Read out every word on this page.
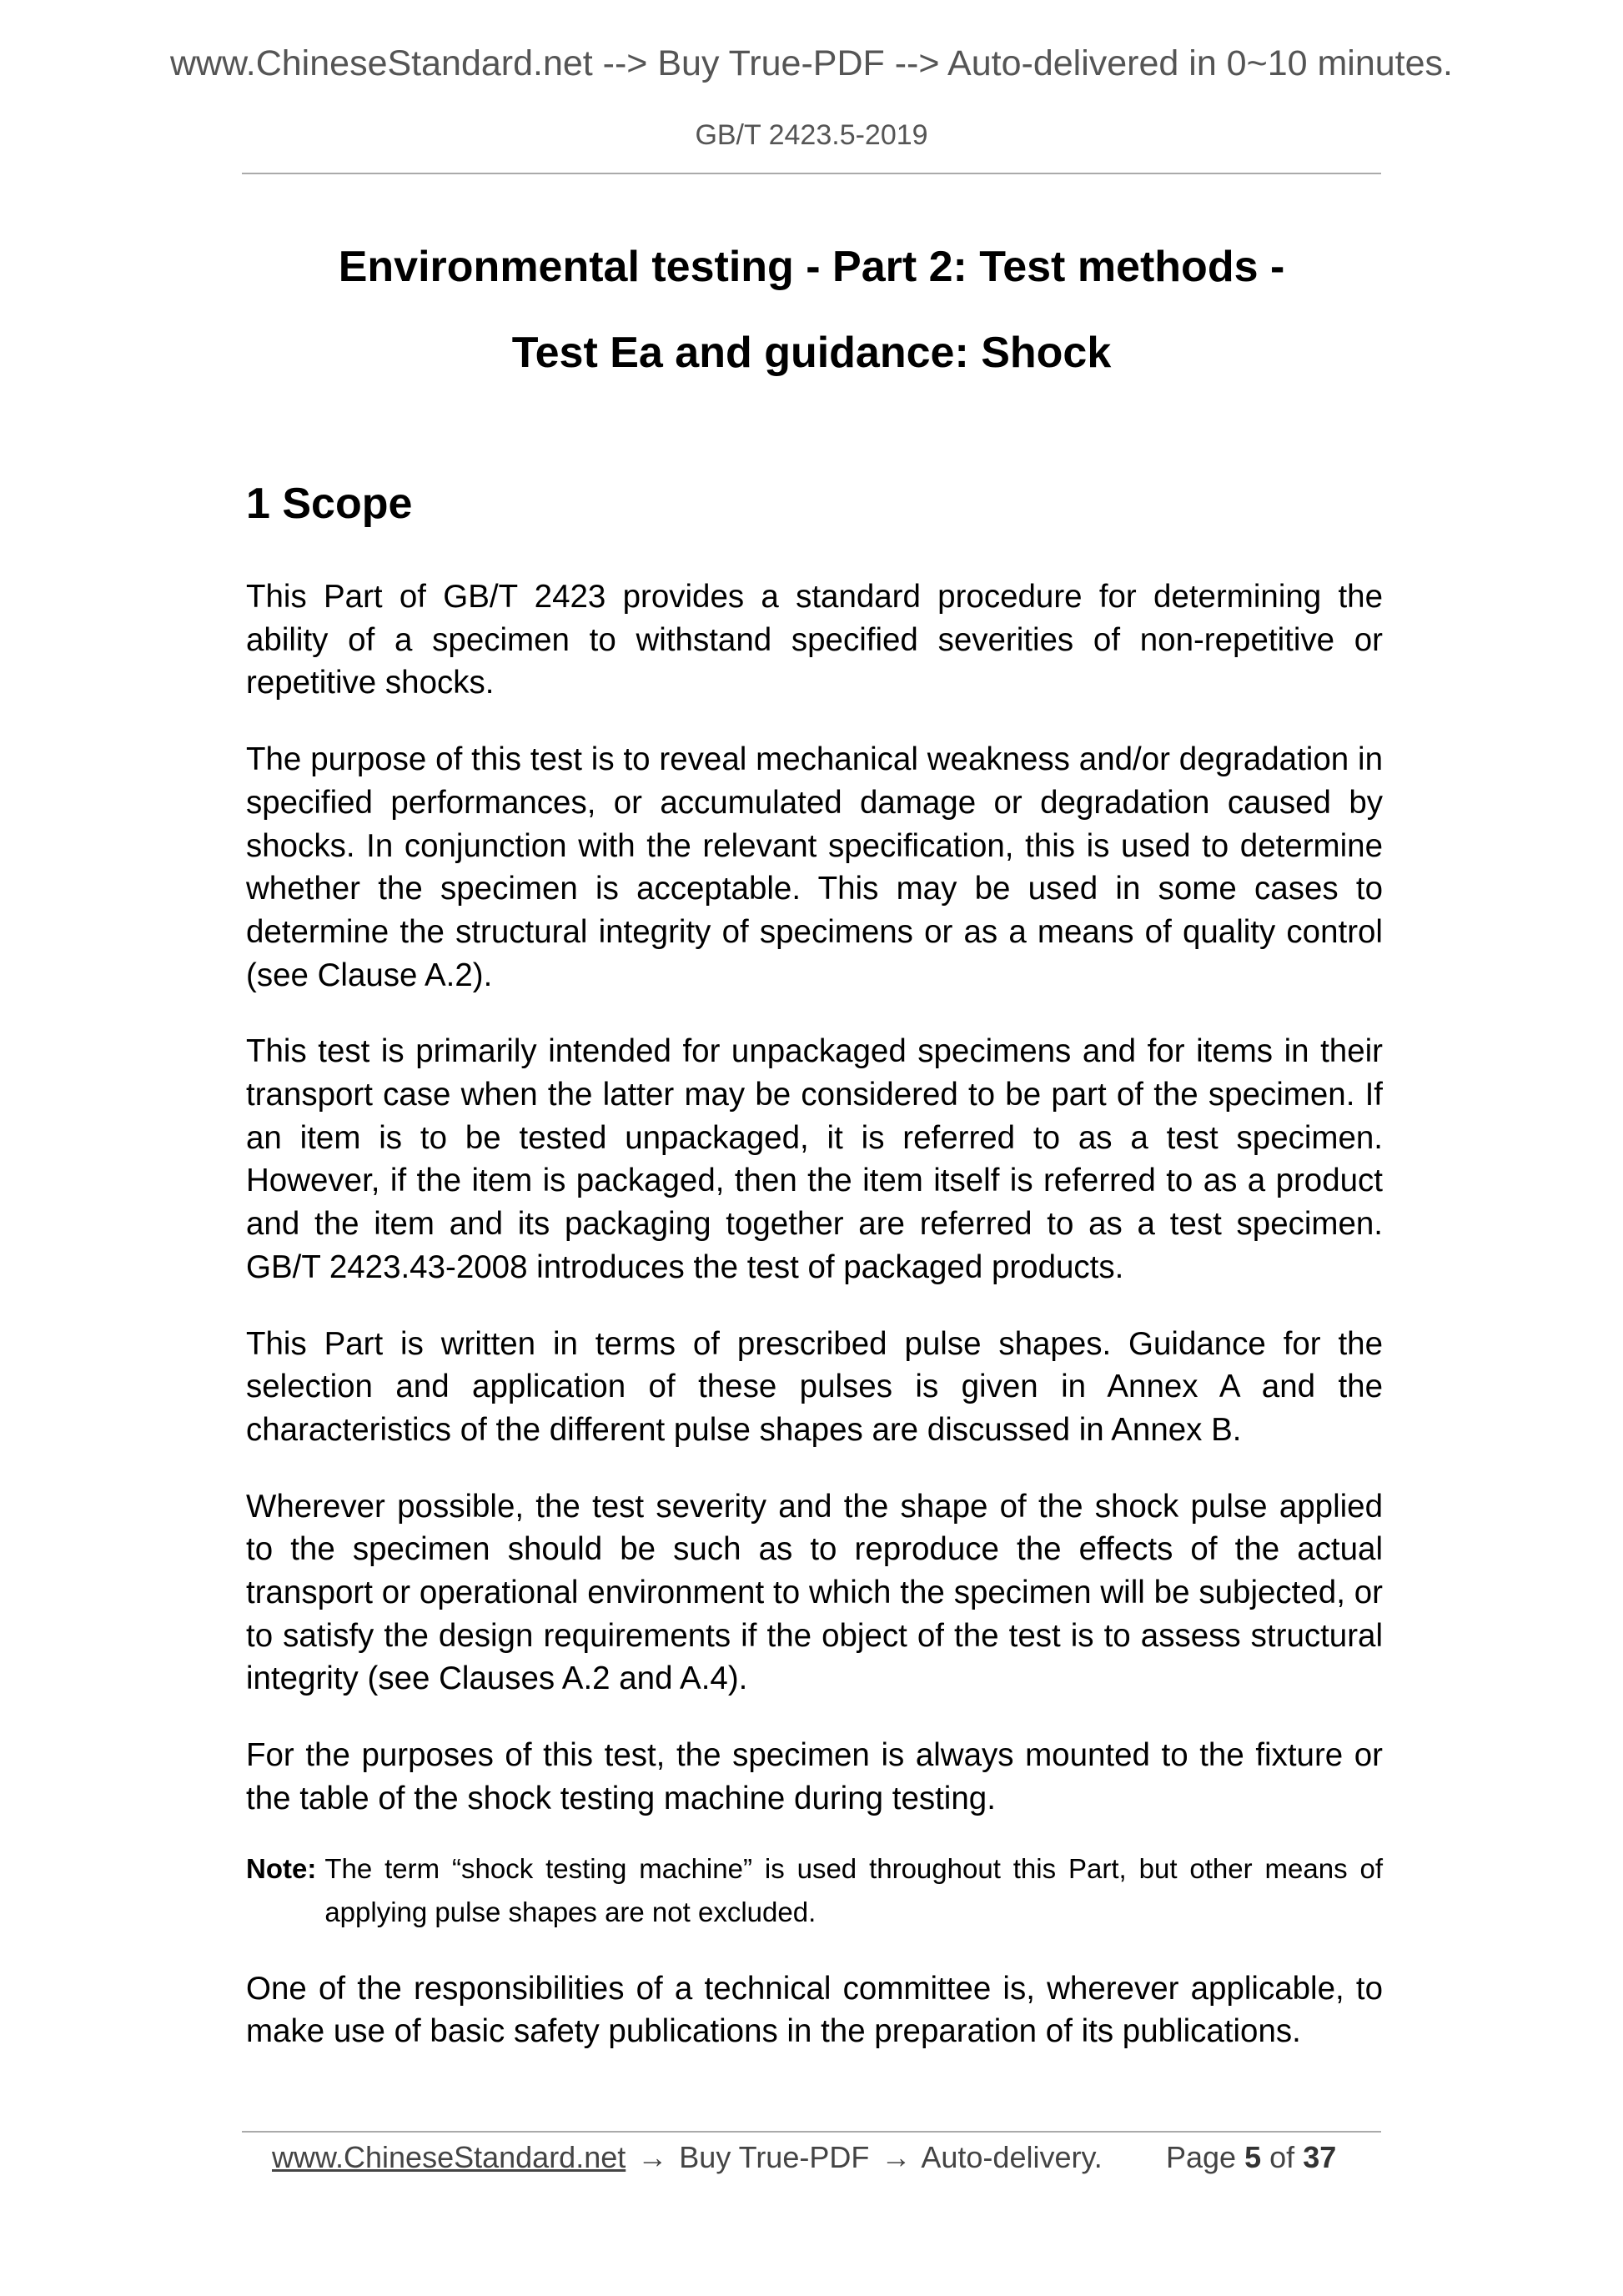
www.ChineseStandard.net --> Buy True-PDF --> Auto-delivered in 0~10 minutes.
GB/T 2423.5-2019
Environmental testing - Part 2: Test methods -
Test Ea and guidance: Shock
1 Scope

This Part of GB/T 2423 provides a standard procedure for determining the ability of a specimen to withstand specified severities of non-repetitive or repetitive shocks.

The purpose of this test is to reveal mechanical weakness and/or degradation in specified performances, or accumulated damage or degradation caused by shocks. In conjunction with the relevant specification, this is used to determine whether the specimen is acceptable. This may be used in some cases to determine the structural integrity of specimens or as a means of quality control (see Clause A.2).

This test is primarily intended for unpackaged specimens and for items in their transport case when the latter may be considered to be part of the specimen. If an item is to be tested unpackaged, it is referred to as a test specimen. However, if the item is packaged, then the item itself is referred to as a product and the item and its packaging together are referred to as a test specimen. GB/T 2423.43-2008 introduces the test of packaged products.

This Part is written in terms of prescribed pulse shapes. Guidance for the selection and application of these pulses is given in Annex A and the characteristics of the different pulse shapes are discussed in Annex B.

Wherever possible, the test severity and the shape of the shock pulse applied to the specimen should be such as to reproduce the effects of the actual transport or operational environment to which the specimen will be subjected, or to satisfy the design requirements if the object of the test is to assess structural integrity (see Clauses A.2 and A.4).

For the purposes of this test, the specimen is always mounted to the fixture or the table of the shock testing machine during testing.

Note: The term “shock testing machine” is used throughout this Part, but other means of applying pulse shapes are not excluded.

One of the responsibilities of a technical committee is, wherever applicable, to make use of basic safety publications in the preparation of its publications.

www.ChineseStandard.net → Buy True-PDF → Auto-delivery. Page 5 of 37
